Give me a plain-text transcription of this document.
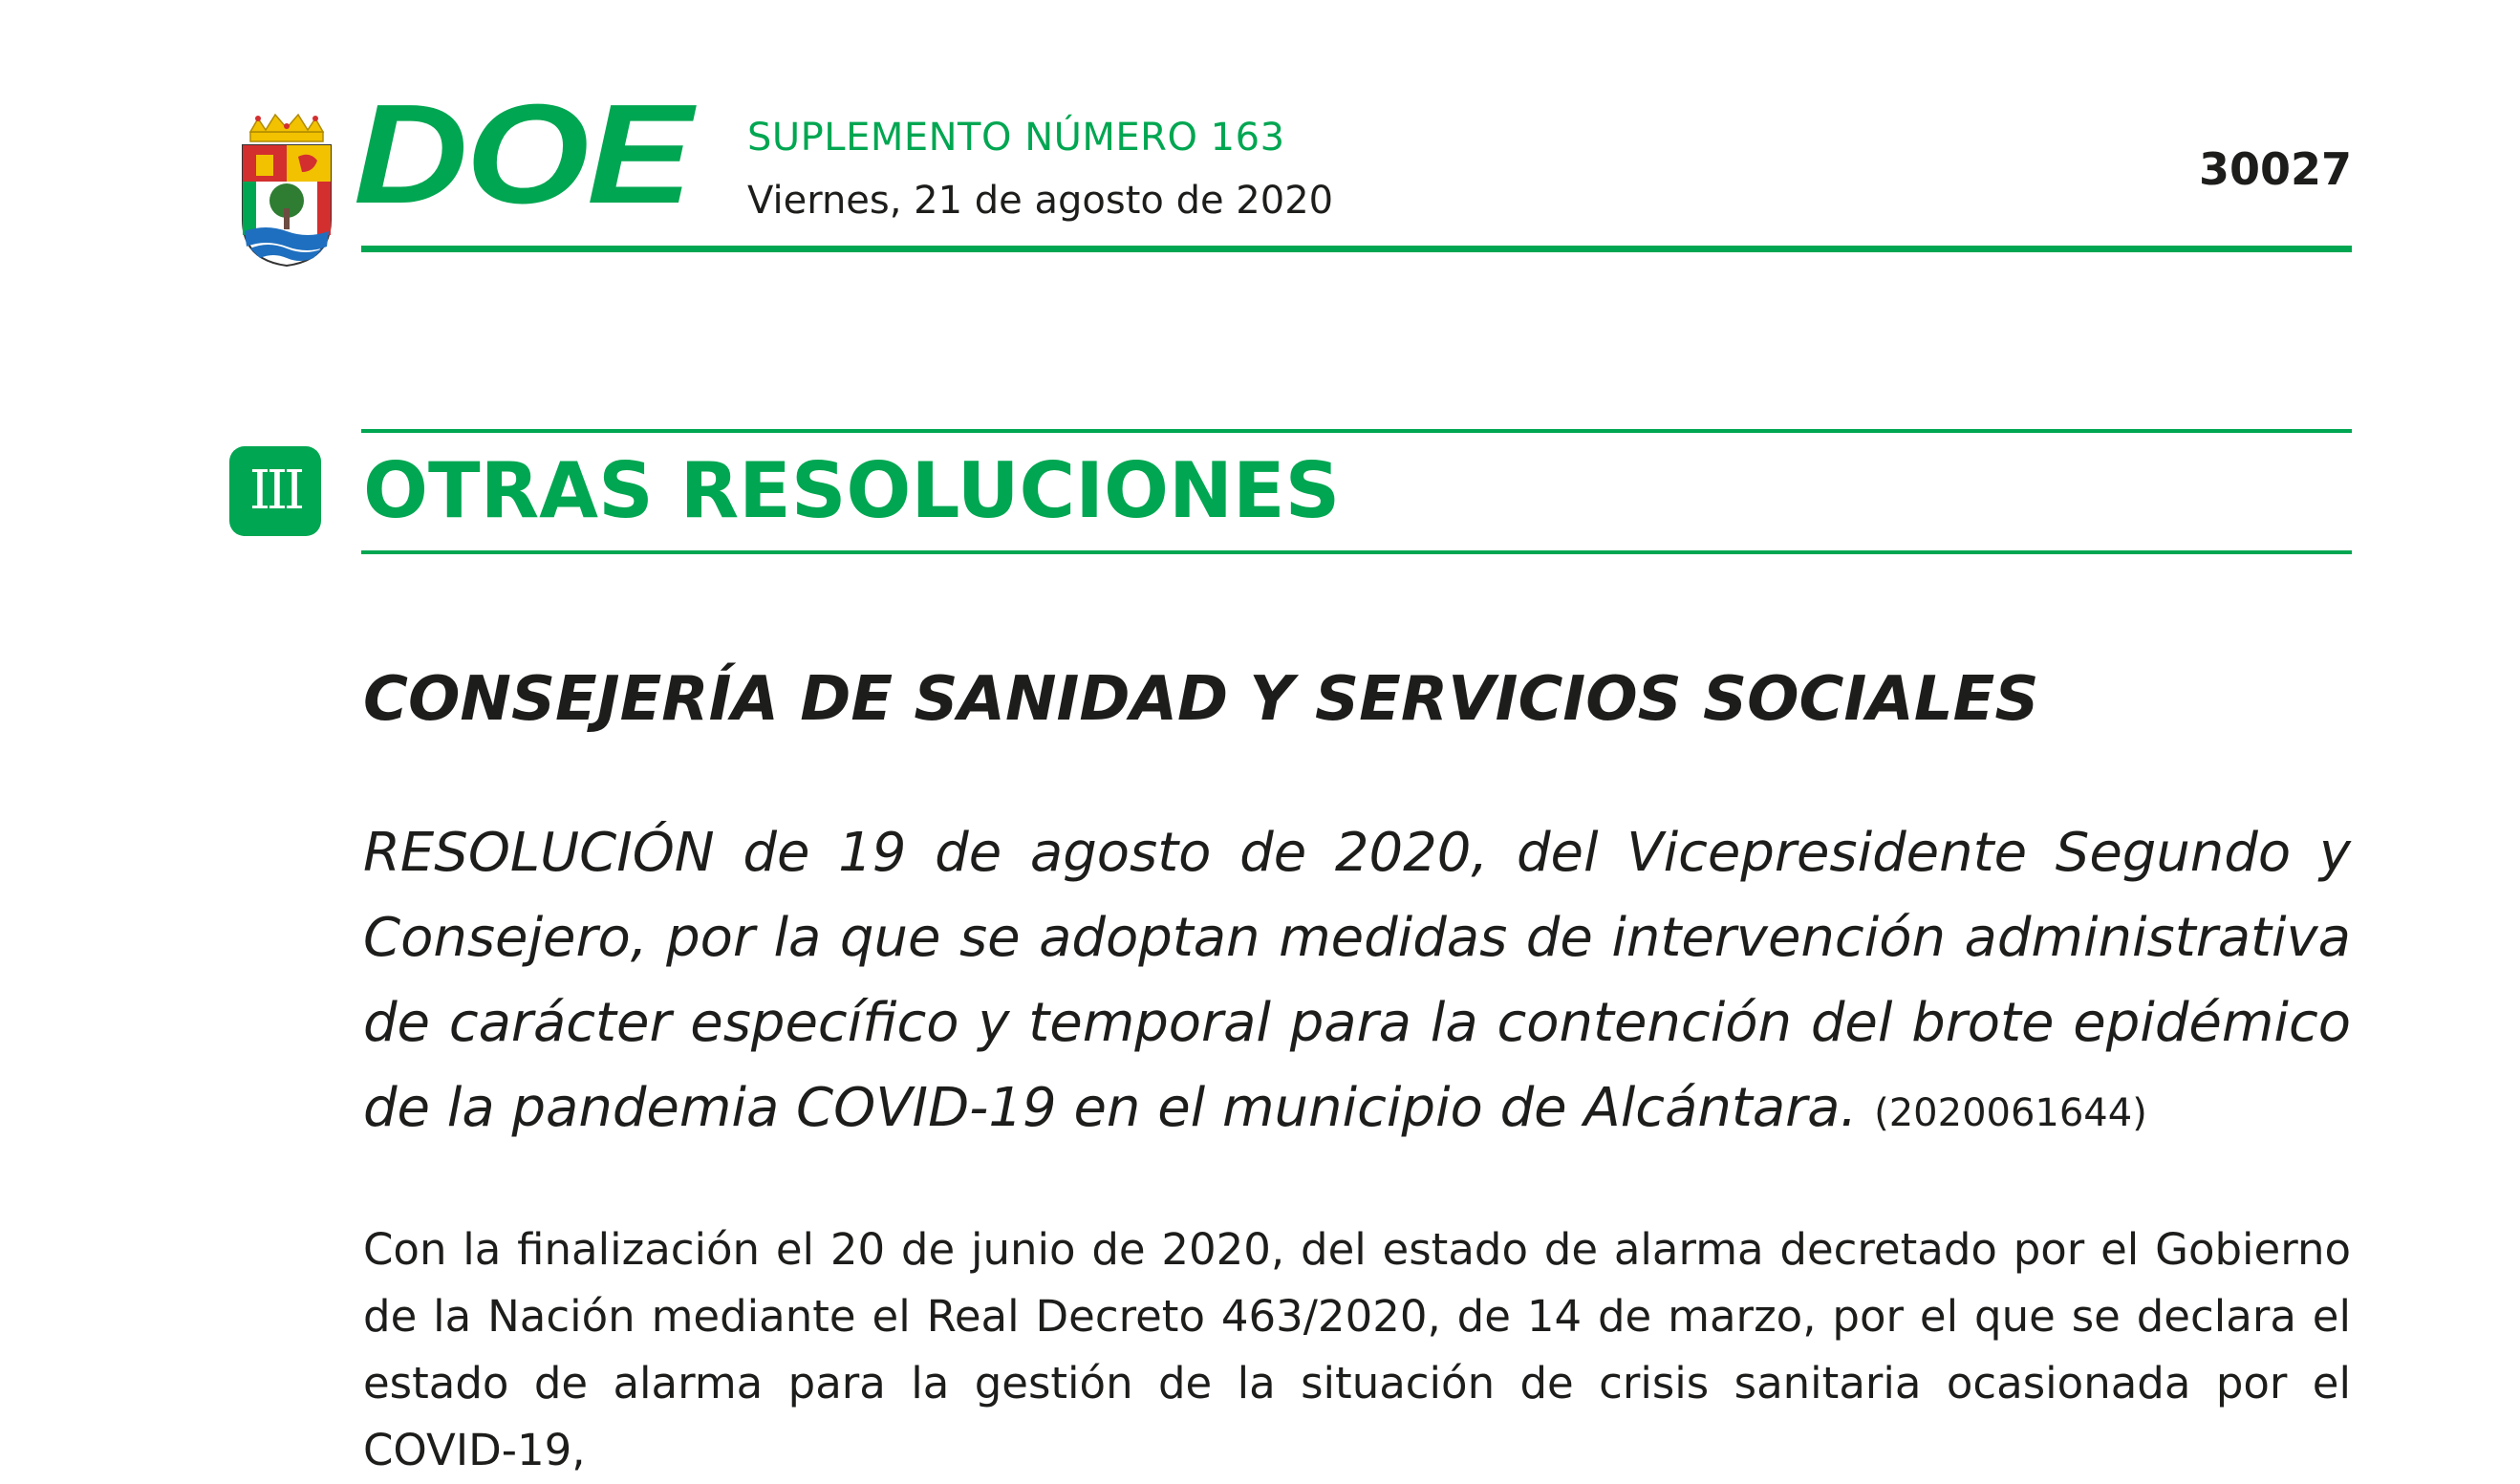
DOE SUPLEMENTO NÚMERO 163
Viernes, 21 de agosto de 2020
30027
III OTRAS RESOLUCIONES
CONSEJERÍA DE SANIDAD Y SERVICIOS SOCIALES
RESOLUCIÓN de 19 de agosto de 2020, del Vicepresidente Segundo y Consejero, por la que se adoptan medidas de intervención administrativa de carácter específico y temporal para la contención del brote epidémico de la pandemia COVID-19 en el municipio de Alcántara. (2020061644)
Con la finalización el 20 de junio de 2020, del estado de alarma decretado por el Gobierno de la Nación mediante el Real Decreto 463/2020, de 14 de marzo, por el que se declara el estado de alarma para la gestión de la situación de crisis sanitaria ocasionada por el COVID-19,
